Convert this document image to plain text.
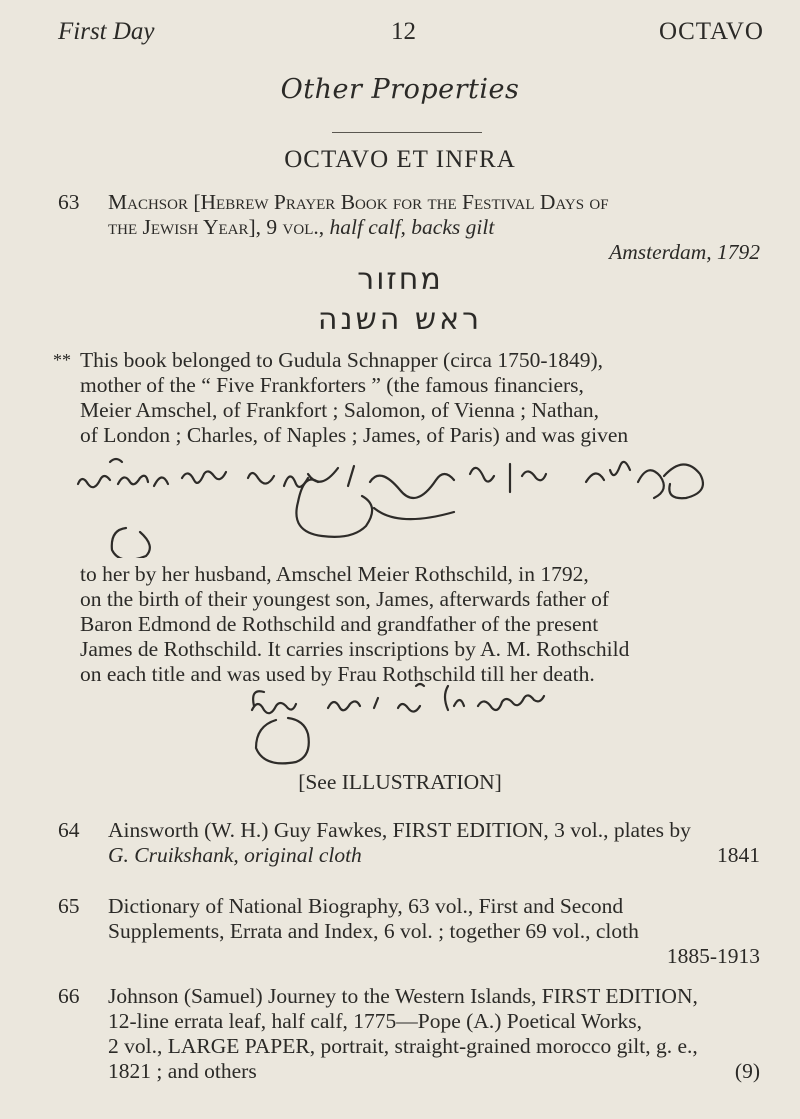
First Day	12	OCTAVO
Other Properties
OCTAVO ET INFRA
63	Machsor [Hebrew Prayer Book for the Festival Days of
the Jewish Year], 9 vol., half calf, backs gilt
Amsterdam, 1792
מחזור
ראש השנה
** This book belonged to Gudula Schnapper (circa 1750-1849),
mother of the “ Five Frankforters ” (the famous financiers,
Meier Amschel, of Frankfort ; Salomon, of Vienna ; Nathan,
of London ; Charles, of Naples ; James, of Paris) and was given
to her by her husband, Amschel Meier Rothschild, in 1792,
on the birth of their youngest son, James, afterwards father of
Baron Edmond de Rothschild and grandfather of the present
James de Rothschild. It carries inscriptions by A. M. Rothschild
on each title and was used by Frau Rothschild till her death.
[See ILLUSTRATION]
64	Ainsworth (W. H.) Guy Fawkes, FIRST EDITION, 3 vol., plates by
G. Cruikshank, original cloth	1841
65	Dictionary of National Biography, 63 vol., First and Second
Supplements, Errata and Index, 6 vol. ; together 69 vol., cloth
1885-1913
66	Johnson (Samuel) Journey to the Western Islands, FIRST EDITION,
12-line errata leaf, half calf, 1775—Pope (A.) Poetical Works,
2 vol., LARGE PAPER, portrait, straight-grained morocco gilt, g. e.,
1821 ; and others	(9)
